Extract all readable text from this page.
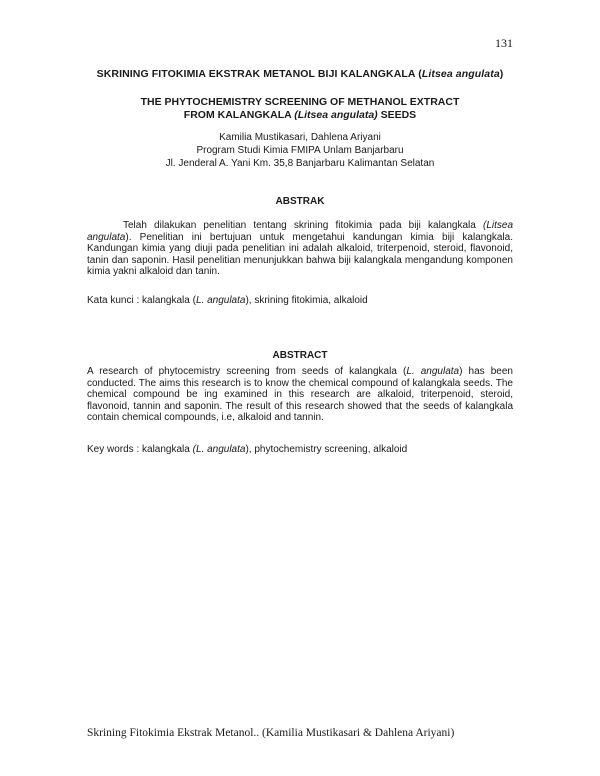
131
SKRINING FITOKIMIA EKSTRAK METANOL BIJI KALANGKALA (Litsea angulata)
THE PHYTOCHEMISTRY SCREENING OF METHANOL EXTRACT
FROM KALANGKALA (Litsea angulata) SEEDS
Kamilia Mustikasari, Dahlena Ariyani
Program Studi Kimia FMIPA Unlam Banjarbaru
Jl. Jenderal A. Yani Km. 35,8 Banjarbaru Kalimantan Selatan
ABSTRAK
Telah dilakukan penelitian tentang skrining fitokimia pada biji kalangkala (Litsea angulata). Penelitian ini bertujuan untuk mengetahui kandungan kimia biji kalangkala. Kandungan kimia yang diuji pada penelitian ini adalah alkaloid, triterpenoid, steroid, flavonoid, tanin dan saponin. Hasil penelitian menunjukkan bahwa biji kalangkala mengandung komponen kimia yakni alkaloid dan tanin.
Kata kunci : kalangkala (L. angulata), skrining fitokimia, alkaloid
ABSTRACT
A research of phytocemistry screening from seeds of kalangkala (L. angulata) has been conducted. The aims this research is to know the chemical compound of kalangkala seeds. The chemical compound be ing examined in this research are alkaloid, triterpenoid, steroid, flavonoid, tannin and saponin. The result of this research showed that the seeds of kalangkala contain chemical compounds, i.e, alkaloid and tannin.
Key words : kalangkala (L. angulata), phytochemistry screening, alkaloid
Skrining Fitokimia Ekstrak Metanol.. (Kamilia Mustikasari & Dahlena Ariyani)
